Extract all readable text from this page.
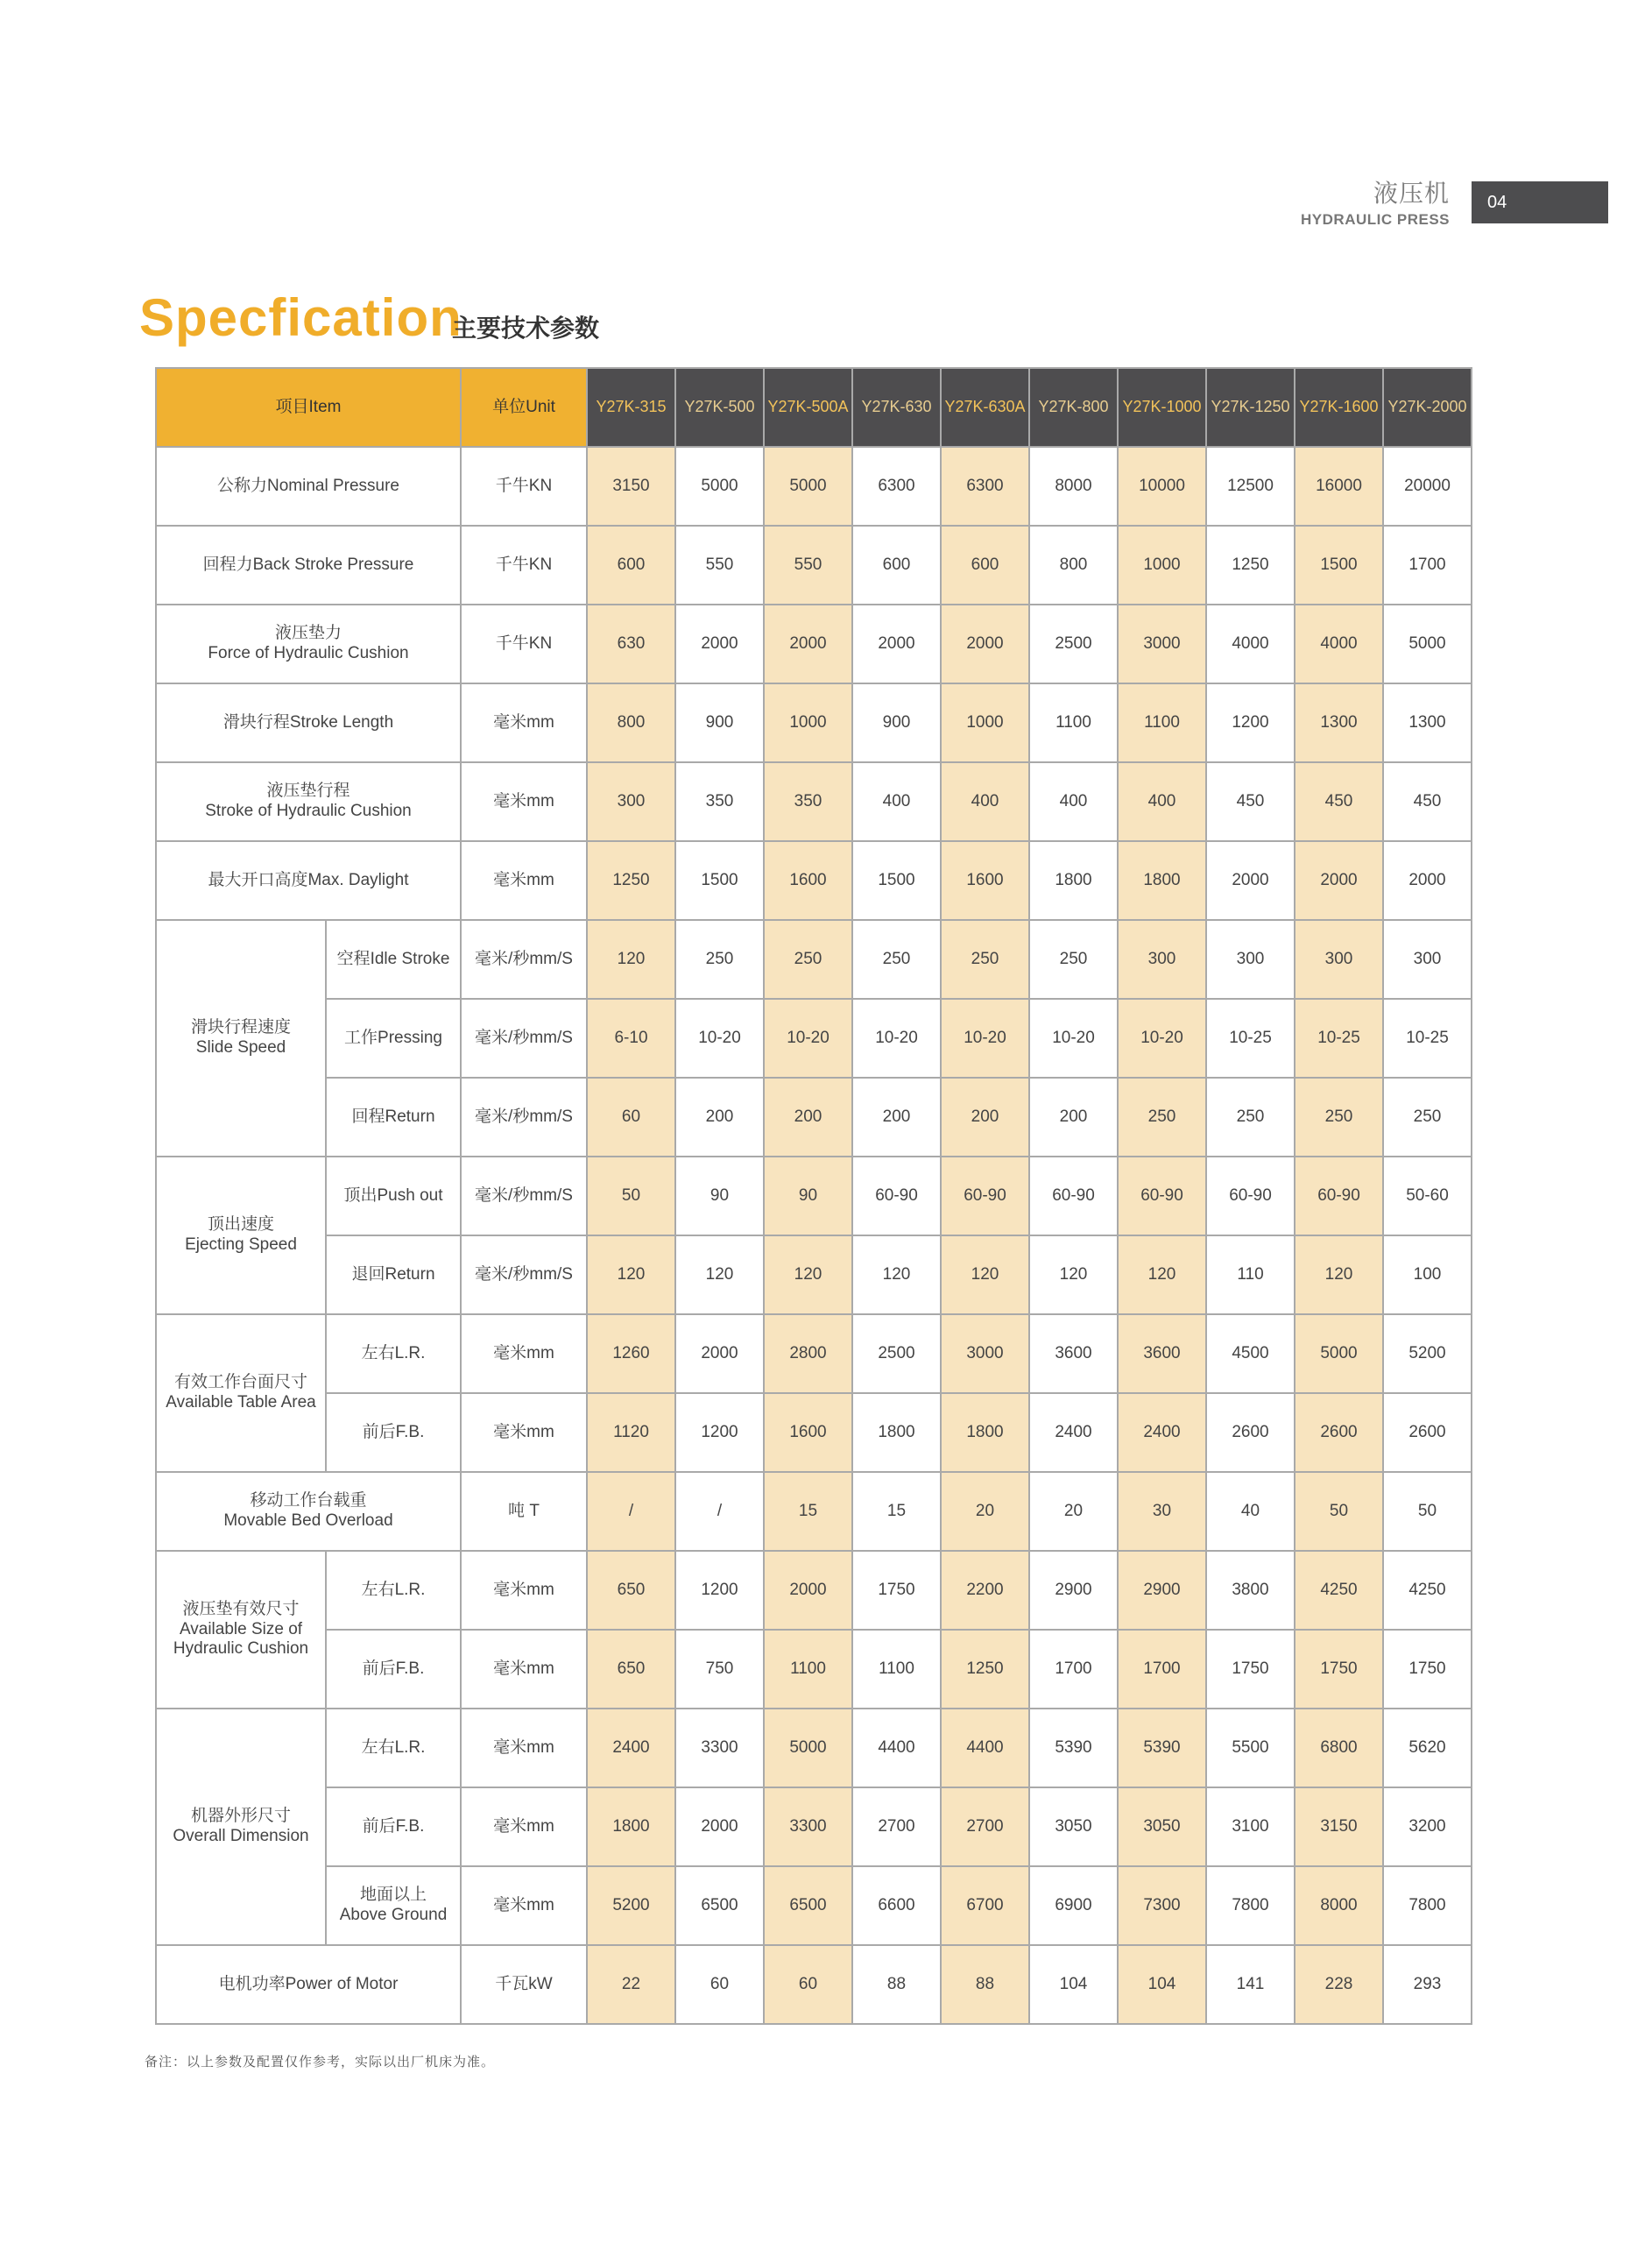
液压机
HYDRAULIC PRESS
04
Specfication
主要技术参数
项目Item		单位Unit	Y27K-315	Y27K-500	Y27K-500A	Y27K-630	Y27K-630A	Y27K-800	Y27K-1000	Y27K-1250	Y27K-1600	Y27K-2000
公称力Nominal Pressure		千牛KN	3150	5000	5000	6300	6300	8000	10000	12500	16000	20000
回程力Back Stroke Pressure		千牛KN	600	550	550	600	600	800	1000	1250	1500	1700
液压垫力
Force of Hydraulic Cushion		千牛KN	630	2000	2000	2000	2000	2500	3000	4000	4000	5000
滑块行程Stroke Length		毫米mm	800	900	1000	900	1000	1100	1100	1200	1300	1300
液压垫行程
Stroke of Hydraulic Cushion		毫米mm	300	350	350	400	400	400	400	450	450	450
最大开口高度Max. Daylight		毫米mm	1250	1500	1600	1500	1600	1800	1800	2000	2000	2000
滑块行程速度
Slide Speed	空程Idle Stroke	毫米/秒mm/S	120	250	250	250	250	250	300	300	300	300
	工作Pressing	毫米/秒mm/S	6-10	10-20	10-20	10-20	10-20	10-20	10-20	10-25	10-25	10-25
	回程Return	毫米/秒mm/S	60	200	200	200	200	200	250	250	250	250
顶出速度
Ejecting Speed	顶出Push out	毫米/秒mm/S	50	90	90	60-90	60-90	60-90	60-90	60-90	60-90	50-60
	退回Return	毫米/秒mm/S	120	120	120	120	120	120	120	110	120	100
有效工作台面尺寸
Available Table Area	左右L.R.	毫米mm	1260	2000	2800	2500	3000	3600	3600	4500	5000	5200
	前后F.B.	毫米mm	1120	1200	1600	1800	1800	2400	2400	2600	2600	2600
移动工作台载重
Movable Bed Overload		吨 T	/	/	15	15	20	20	30	40	50	50
液压垫有效尺寸
Available Size of
Hydraulic Cushion	左右L.R.	毫米mm	650	1200	2000	1750	2200	2900	2900	3800	4250	4250
	前后F.B.	毫米mm	650	750	1100	1100	1250	1700	1700	1750	1750	1750
机器外形尺寸
Overall Dimension	左右L.R.	毫米mm	2400	3300	5000	4400	4400	5390	5390	5500	6800	5620
	前后F.B.	毫米mm	1800	2000	3300	2700	2700	3050	3050	3100	3150	3200
	地面以上
Above Ground	毫米mm	5200	6500	6500	6600	6700	6900	7300	7800	8000	7800
电机功率Power of Motor		千瓦kW	22	60	60	88	88	104	104	141	228	293
备注：以上参数及配置仅作参考，实际以出厂机床为准。
